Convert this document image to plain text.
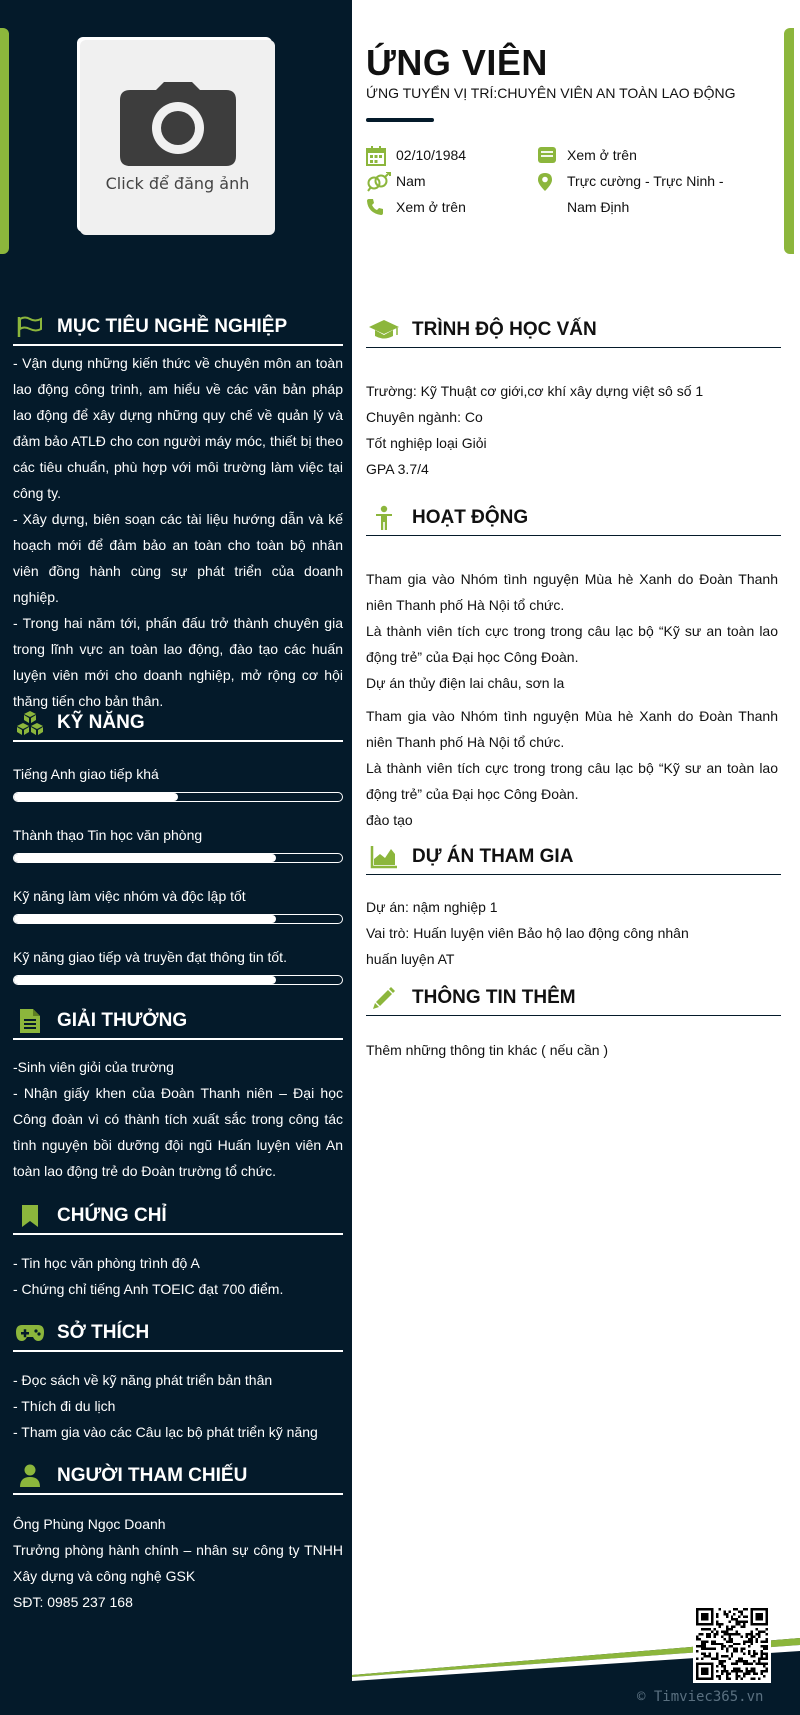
Click để đăng ảnh
MỤC TIÊU NGHỀ NGHIỆP

- Vận dụng những kiến thức về chuyên môn an toàn lao động công trình, am hiểu về các văn bản pháp lao động để xây dựng những quy chế về quản lý và đảm bảo ATLĐ cho con người máy móc, thiết bị theo các tiêu chuẩn, phù hợp với môi trường làm việc tại công ty.

- Xây dựng, biên soạn các tài liệu hướng dẫn và kế hoạch mới để đảm bảo an toàn cho toàn bộ nhân viên đồng hành cùng sự phát triển của doanh nghiệp.

- Trong hai năm tới, phấn đấu trở thành chuyên gia trong lĩnh vực an toàn lao động, đào tạo các huấn luyện viên mới cho doanh nghiệp, mở rộng cơ hội thăng tiến cho bản thân.

KỸ NĂNG
Tiếng Anh giao tiếp khá
Thành thạo Tin học văn phòng
Kỹ năng làm việc nhóm và độc lập tốt
Kỹ năng giao tiếp và truyền đạt thông tin tốt.
GIẢI THƯỞNG

-Sinh viên giỏi của trường

- Nhận giấy khen của Đoàn Thanh niên – Đại học Công đoàn vì có thành tích xuất sắc trong công tác tình nguyện bồi dưỡng đội ngũ Huấn luyện viên An toàn lao động trẻ do Đoàn trường tổ chức.

CHỨNG CHỈ

- Tin học văn phòng trình độ A

- Chứng chỉ tiếng Anh TOEIC đạt 700 điểm.

SỞ THÍCH

- Đọc sách về kỹ năng phát triển bản thân

- Thích đi du lịch

- Tham gia vào các Câu lạc bộ phát triển kỹ năng

NGƯỜI THAM CHIẾU

Ông Phùng Ngọc Doanh

Trưởng phòng hành chính – nhân sự công ty TNHH Xây dựng và công nghệ GSK

SĐT: 0985 237 168

ỨNG VIÊN
ỨNG TUYỂN VỊ TRÍ:CHUYÊN VIÊN AN TOÀN LAO ĐỘNG
02/10/1984
Nam
Xem ở trên
Xem ở trên
Trực cường - Trực Ninh -
Nam Định
TRÌNH ĐỘ HỌC VẤN

Trường: Kỹ Thuật cơ giới,cơ khí xây dựng việt sô số 1

Chuyên ngành: Co

Tốt nghiệp loại Giỏi

GPA 3.7/4

HOẠT ĐỘNG

Tham gia vào Nhóm tình nguyện Mùa hè Xanh do Đoàn Thanh niên Thanh phố Hà Nội tổ chức.

Là thành viên tích cực trong trong câu lạc bộ “Kỹ sư an toàn lao động trẻ” của Đại học Công Đoàn.

Dự án thủy điện lai châu, sơn la

Tham gia vào Nhóm tình nguyện Mùa hè Xanh do Đoàn Thanh niên Thanh phố Hà Nội tổ chức.

Là thành viên tích cực trong trong câu lạc bộ “Kỹ sư an toàn lao động trẻ” của Đại học Công Đoàn.

đào tạo

DỰ ÁN THAM GIA

Dự án: nậm nghiệp 1

Vai trò: Huấn luyện viên Bảo hộ lao động công nhân

huấn luyện AT

THÔNG TIN THÊM
Thêm những thông tin khác ( nếu cần )
© Timviec365.vn
